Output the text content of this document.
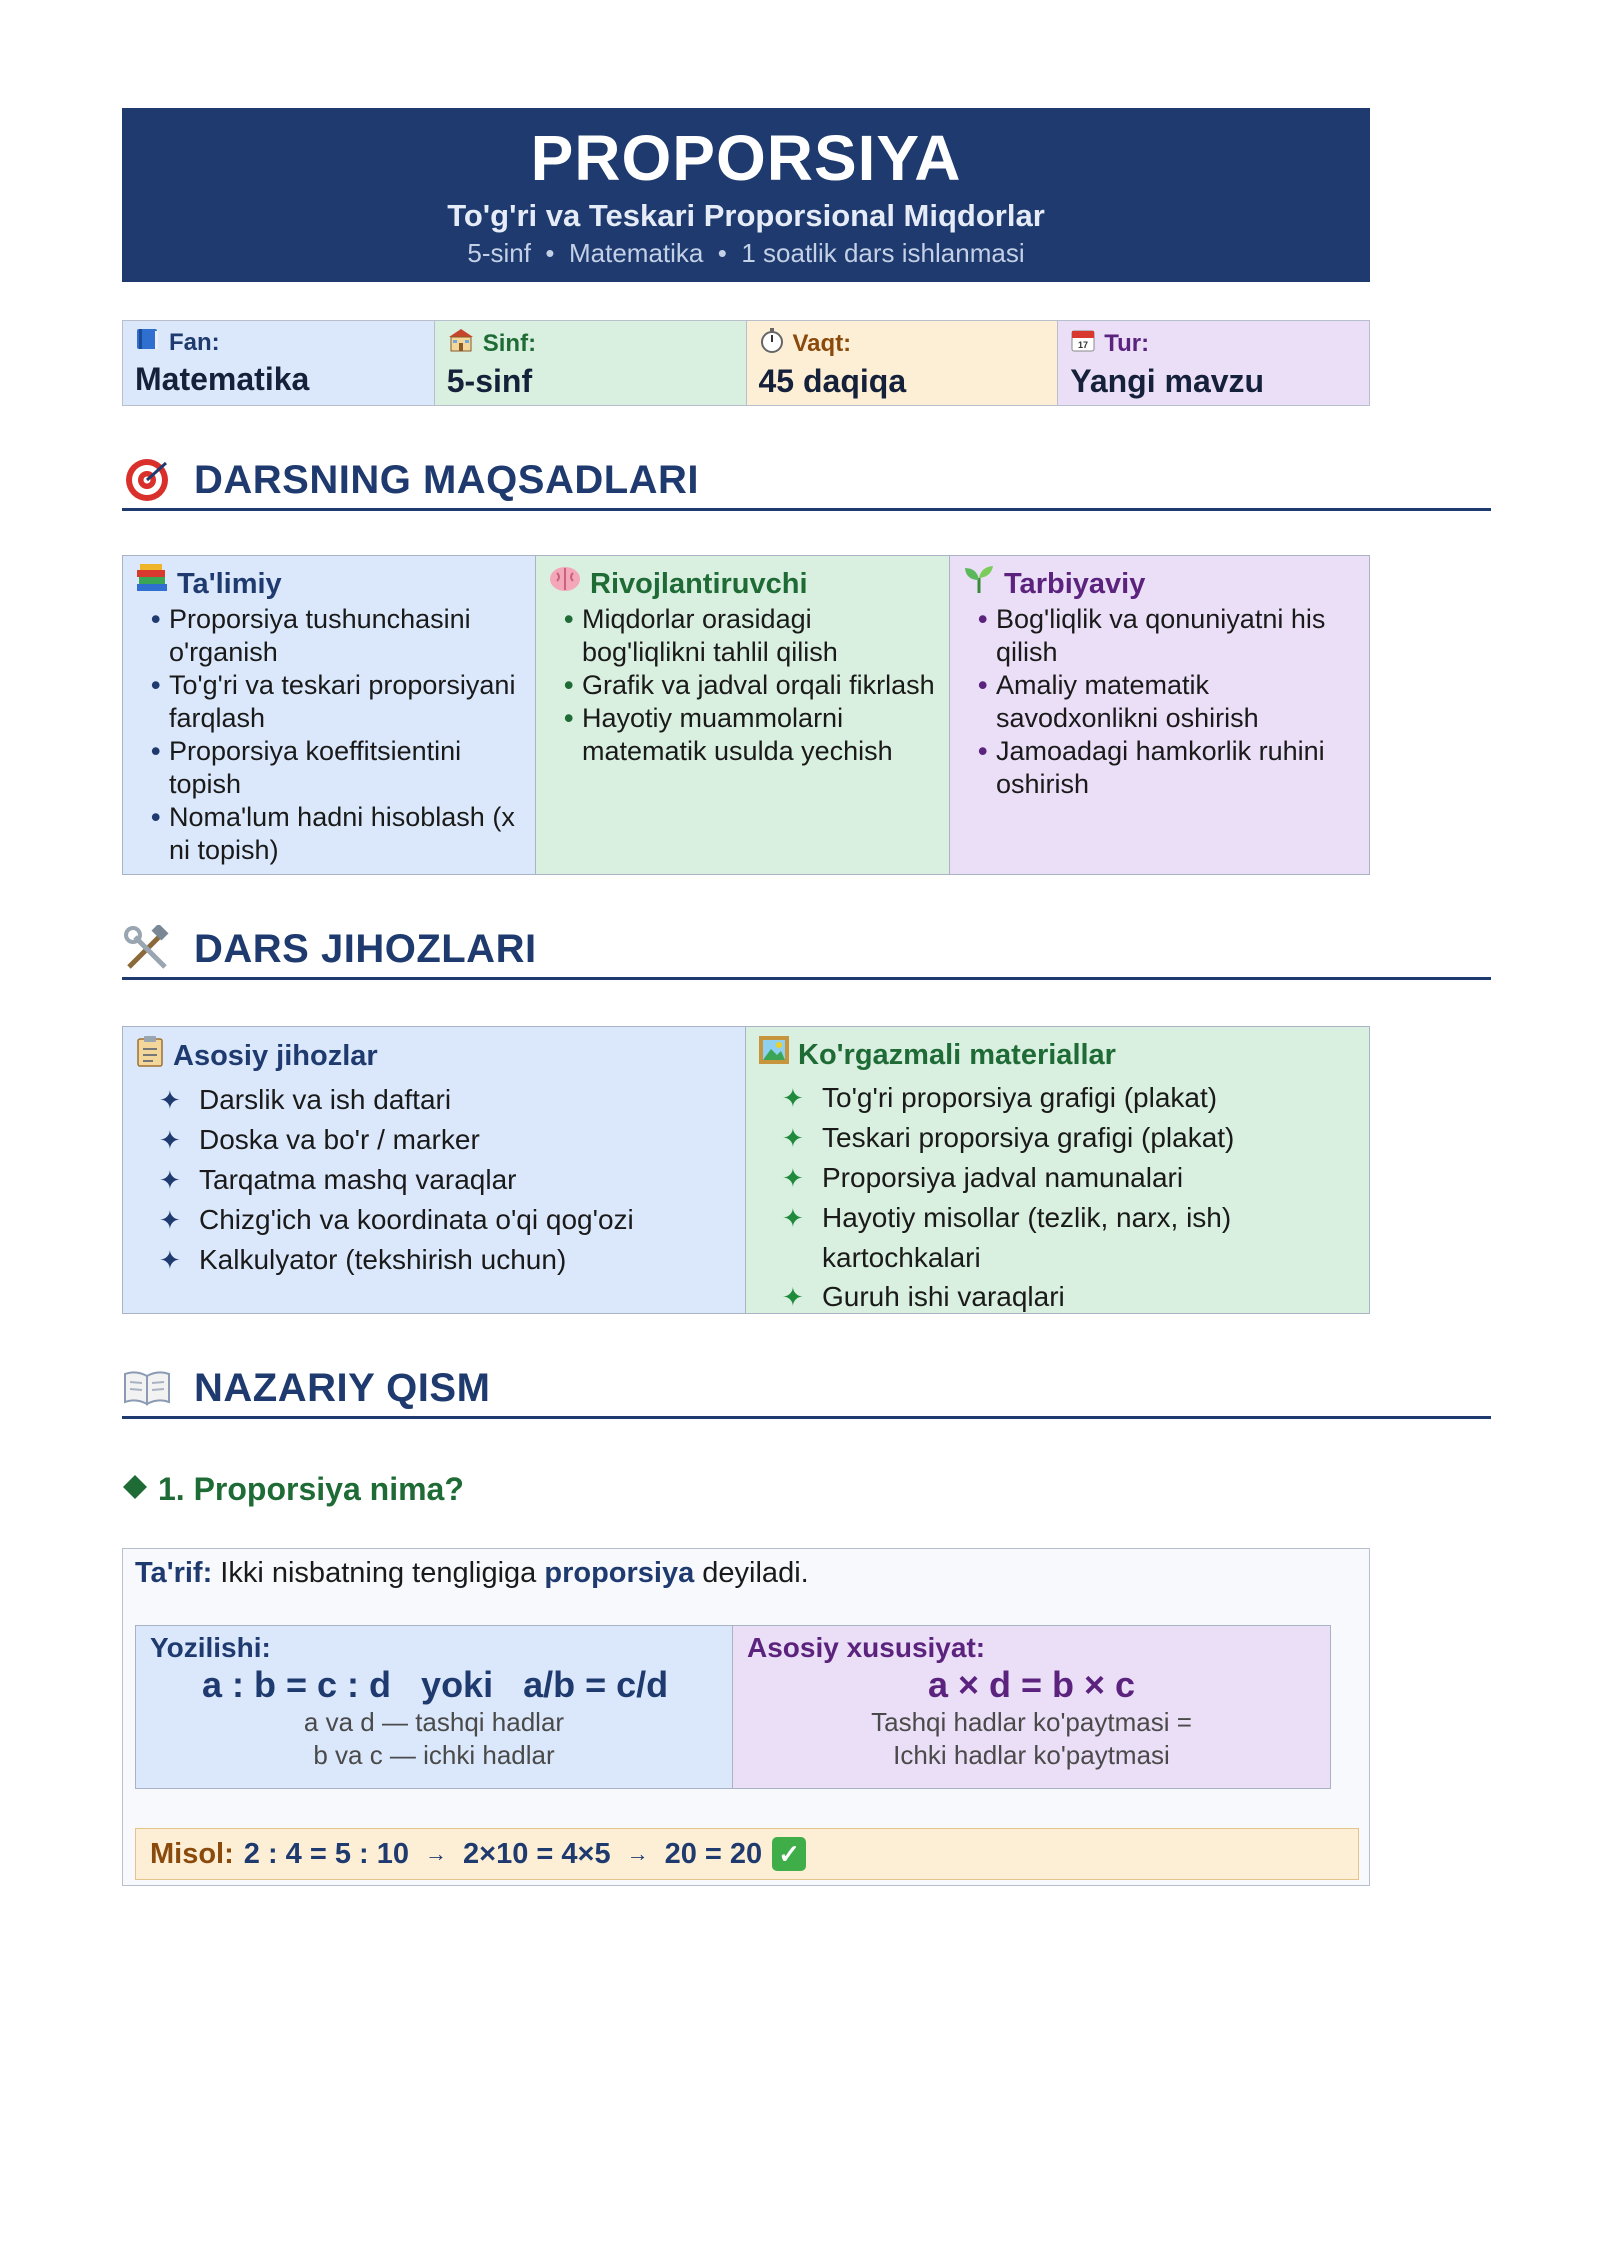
PROPORSIYA
To'g'ri va Teskari Proporsional Miqdorlar
5-sinf  •  Matematika  •  1 soatlik dars ishlanmasi
Fan:
Matematika
Sinf:
5-sinf
Vaqt:
45 daqiqa
17 Tur:
Yangi mavzu
DARSNING MAQSADLARI
Ta'limiy
• Proporsiya tushunchasini o'rganish
• To'g'ri va teskari proporsiyani farqlash
• Proporsiya koeffitsientini topish
• Noma'lum hadni hisoblash (x ni topish)
Rivojlantiruvchi
• Miqdorlar orasidagi bog'liqlikni tahlil qilish
• Grafik va jadval orqali fikrlash
• Hayotiy muammolarni matematik usulda yechish
Tarbiyaviy
• Bog'liqlik va qonuniyatni his qilish
• Amaliy matematik savodxonlikni oshirish
• Jamoadagi hamkorlik ruhini oshirish
DARS JIHOZLARI
Asosiy jihozlar
✦ Darslik va ish daftari
✦ Doska va bo'r / marker
✦ Tarqatma mashq varaqlar
✦ Chizg'ich va koordinata o'qi qog'ozi
✦ Kalkulyator (tekshirish uchun)
Ko'rgazmali materiallar
✦ To'g'ri proporsiya grafigi (plakat)
✦ Teskari proporsiya grafigi (plakat)
✦ Proporsiya jadval namunalari
✦ Hayotiy misollar (tezlik, narx, ish) kartochkalari
✦ Guruh ishi varaqlari
NAZARIY QISM
1. Proporsiya nima?
Ta'rif: Ikki nisbatning tengligiga proporsiya deyiladi.
Yozilishi:
a : b = c : d   yoki   a/b = c/d
a va d — tashqi hadlar
b va c — ichki hadlar
Asosiy xususiyat:
a × d = b × c
Tashqi hadlar ko'paytmasi =
Ichki hadlar ko'paytmasi
Misol: 2 : 4 = 5 : 10 → 2×10 = 4×5 → 20 = 20 ✓
